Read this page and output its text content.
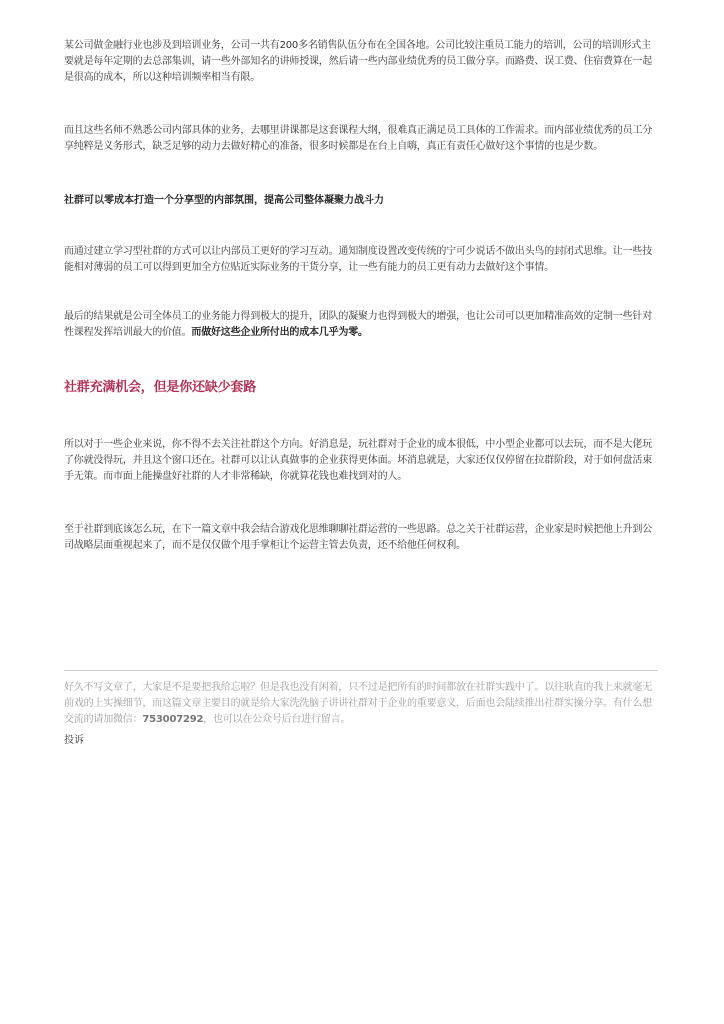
某公司做金融行业也涉及到培训业务，公司一共有200多名销售队伍分布在全国各地。公司比较注重员工能力的培训，公司的培训形式主要就是每年定期的去总部集训，请一些外部知名的讲师授课，然后请一些内部业绩优秀的员工做分享。而路费、误工费、住宿费算在一起是很高的成本，所以这种培训频率相当有限。

而且这些名师不熟悉公司内部具体的业务，去哪里讲课都是这套课程大纲，很难真正满足员工具体的工作需求。而内部业绩优秀的员工分享纯粹是义务形式，缺乏足够的动力去做好精心的准备，很多时候都是在台上自嗨，真正有责任心做好这个事情的也是少数。

社群可以零成本打造一个分享型的内部氛围，提高公司整体凝聚力战斗力

而通过建立学习型社群的方式可以让内部员工更好的学习互动。通知制度设置改变传统的宁可少说话不做出头鸟的封闭式思维。让一些技能相对薄弱的员工可以得到更加全方位贴近实际业务的干货分享，让一些有能力的员工更有动力去做好这个事情。

最后的结果就是公司全体员工的业务能力得到极大的提升，团队的凝聚力也得到极大的增强，也让公司可以更加精准高效的定制一些针对性课程发挥培训最大的价值。而做好这些企业所付出的成本几乎为零。

社群充满机会，但是你还缺少套路

所以对于一些企业来说，你不得不去关注社群这个方向。好消息是，玩社群对于企业的成本很低，中小型企业都可以去玩，而不是大佬玩了你就没得玩，并且这个窗口还在。社群可以让认真做事的企业获得更体面。坏消息就是，大家还仅仅停留在拉群阶段，对于如何盘活束手无策。而市面上能操盘好社群的人才非常稀缺，你就算花钱也难找到对的人。

至于社群到底该怎么玩，在下一篇文章中我会结合游戏化思维聊聊社群运营的一些思路。总之关于社群运营，企业家是时候把他上升到公司战略层面重视起来了，而不是仅仅做个甩手掌柜让个运营主管去负责，还不给他任何权利。

好久不写文章了，大家是不是要把我给忘啦？但是我也没有闲着，只不过是把所有的时间都放在社群实践中了。以往耿直的我上来就毫无前戏的上实操细节，而这篇文章主要目的就是给大家洗洗脑子讲讲社群对于企业的重要意义，后面也会陆续推出社群实操分享。有什么想交流的请加微信：753007292，也可以在公众号后台进行留言。

投诉
